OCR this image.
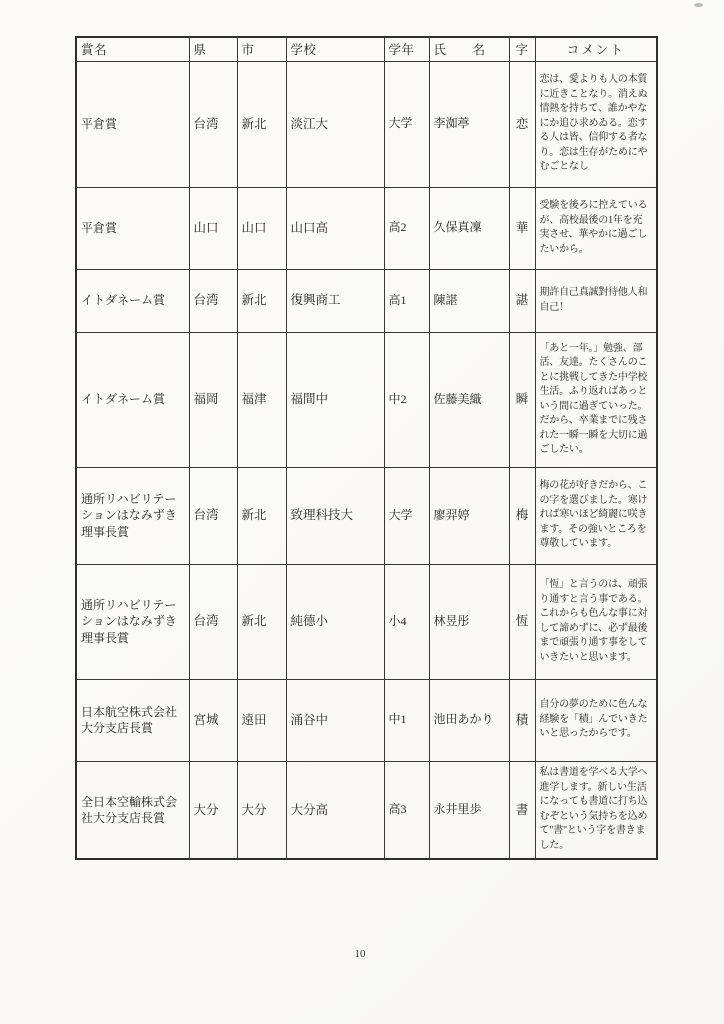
賞名	県	市	学校	学年	氏　　名	字	コメント
平倉賞	台湾	新北	淡江大	大学	李洳葶	恋	恋は、愛よりも人の本質に近きことなり。消えぬ情熱を持ちて、誰かやなにか追ひ求めゐる。恋する人は皆、信仰する者なり。恋は生存がためにやむごとなし
平倉賞	山口	山口	山口高	高2	久保真凜	華	受験を後ろに控えているが、高校最後の1年を充実させ、華やかに過ごしたいから。
イトダネーム賞	台湾	新北	復興商工	高1	陳諶	諶	期許自己真誠對待他人和自己！
イトダネーム賞	福岡	福津	福間中	中2	佐藤美織	瞬	「あと一年。」勉強、部活、友達。たくさんのことに挑戦してきた中学校生活。ふり返ればあっという間に過ぎていった。だから、卒業までに残された一瞬一瞬を大切に過ごしたい。
通所リハビリテーションはなみずき理事長賞	台湾	新北	致理科技大	大学	廖羿婷	梅	梅の花が好きだから、この字を選びました。寒ければ寒いほど綺麗に咲きます。その強いところを尊敬しています。
通所リハビリテーションはなみずき理事長賞	台湾	新北	純德小	小4	林昱彤	恆	「恆」と言うのは、頑張り通すと言う事である。これからも色んな事に対して諦めずに、必ず最後まで頑張り通す事をしていきたいと思います。
日本航空株式会社大分支店長賞	宮城	遠田	涌谷中	中1	池田あかり	積	自分の夢のために色んな経験を「積」んでいきたいと思ったからです。
全日本空輸株式会社大分支店長賞	大分	大分	大分高	高3	永井里歩	書	私は書道を学べる大学へ進学します。新しい生活になっても書道に打ち込むぞという気持ちを込めて"書"という字を書きました。
10
